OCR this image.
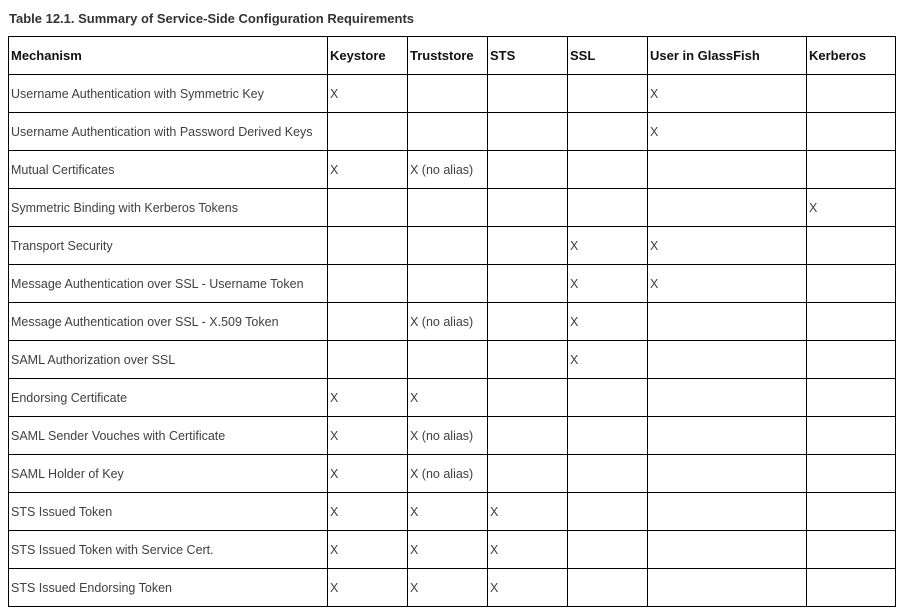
Table 12.1. Summary of Service-Side Configuration Requirements
Mechanism	Keystore	Truststore	STS	SSL	User in GlassFish	Kerberos
Username Authentication with Symmetric Key	X				X	
Username Authentication with Password Derived Keys					X	
Mutual Certificates	X	X (no alias)				
Symmetric Binding with Kerberos Tokens						X
Transport Security				X	X	
Message Authentication over SSL - Username Token				X	X	
Message Authentication over SSL - X.509 Token		X (no alias)		X		
SAML Authorization over SSL				X		
Endorsing Certificate	X	X				
SAML Sender Vouches with Certificate	X	X (no alias)				
SAML Holder of Key	X	X (no alias)				
STS Issued Token	X	X	X			
STS Issued Token with Service Cert.	X	X	X			
STS Issued Endorsing Token	X	X	X			
